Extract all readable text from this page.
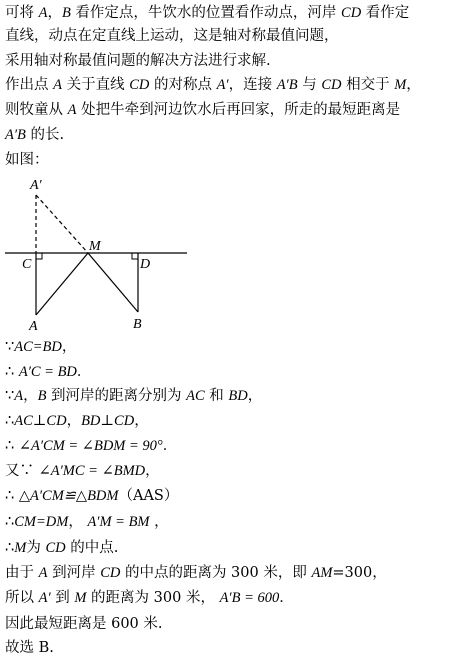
可将 A，B 看作定点，牛饮水的位置看作动点，河岸 CD 看作定
直线，动点在定直线上运动，这是轴对称最值问题，
采用轴对称最值问题的解决方法进行求解.
作出点 A 关于直线 CD 的对称点 A′，连接 A′B 与 CD 相交于 M，
则牧童从 A 处把牛牵到河边饮水后再回家，所走的最短距离是
A′B 的长.
如图：
A′
M
C	D
A	B
∵AC=BD，
∴ A′C = BD．
∵A，B 到河岸的距离分别为 AC 和 BD，
∴AC⊥CD，BD⊥CD，
∴ ∠A′CM = ∠BDM = 90°．
又∵ ∠A′MC = ∠BMD，
∴ △A′CM≌△BDM（AAS）
∴CM=DM， A′M = BM ，
∴M为 CD 的中点.
由于 A 到河岸 CD 的中点的距离为 300 米，即 AM=300，
所以 A′ 到 M 的距离为 300 米， A′B = 600．
因此最短距离是 600 米.
故选 B.
